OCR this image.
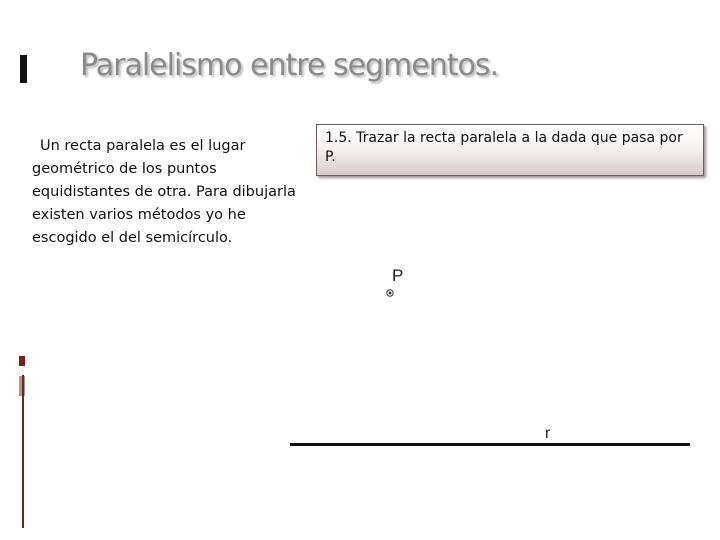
Paralelismo entre segmentos.
Un recta paralela es el lugar geométrico de los puntos equidistantes de otra. Para dibujarla existen varios métodos yo he escogido el del semicírculo.
1.5. Trazar la recta paralela a la dada que pasa por P.
P
r
